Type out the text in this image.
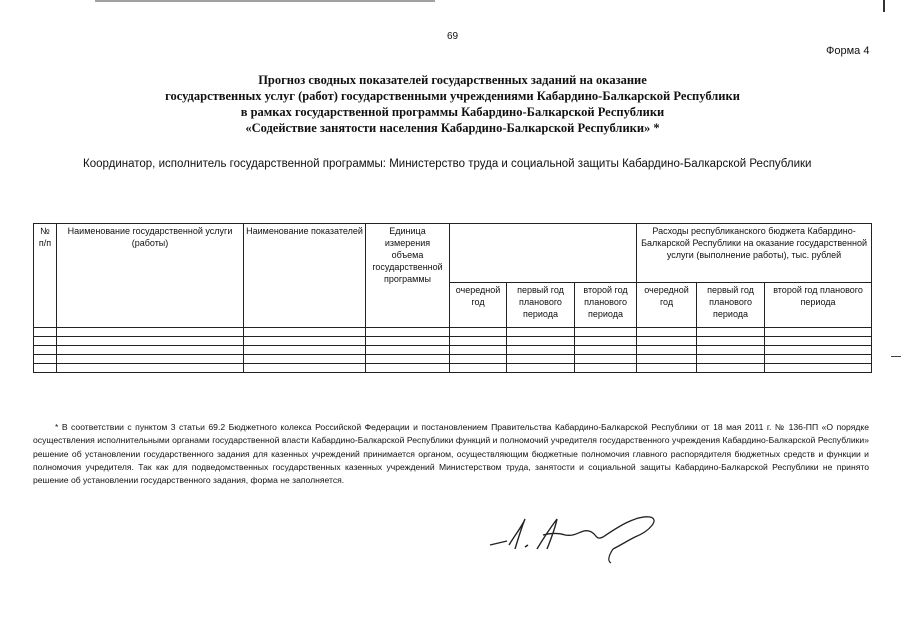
69
Форма 4
Прогноз сводных показателей государственных заданий на оказание
государственных услуг (работ) государственными учреждениями Кабардино-Балкарской Республики
в рамках государственной программы Кабардино-Балкарской Республики
«Содействие занятости населения Кабардино-Балкарской Республики» *
Координатор, исполнитель государственной программы: Министерство труда и социальной защиты Кабардино-Балкарской Республики
№ п/п	Наименование государственной услуги (работы)	Наименование показателей	Единица измерения объема государственной программы				Расходы республиканского бюджета Кабардино-Балкарской Республики на оказание государственной услуги (выполнение работы), тыс. рублей		
				очередной год	первый год планового периода	второй год планового периода	очередной год	первый год планового периода	второй год планового периода

* В соответствии с пунктом 3 статьи 69.2 Бюджетного колекса Российской Федерации и постановлением Правительства Кабардино-Балкарской Республики от 18 мая 2011 г. № 136-ПП «О порядке осуществления исполнительными органами государственной власти Кабардино-Балкарской Республики функций и полномочий учредителя государственного учреждения Кабардино-Балкарской Республики» решение об установлении государственного задания для казенных учреждений принимается органом, осуществляющим бюджетные полномочия главного распорядителя бюджетных средств и функции и полномочия учредителя. Так как для подведомственных государственных казенных учреждений Министерством труда, занятости и социальной защиты Кабардино-Балкарской Республики не принято решение об установлении государственного задания, форма не заполняется.
